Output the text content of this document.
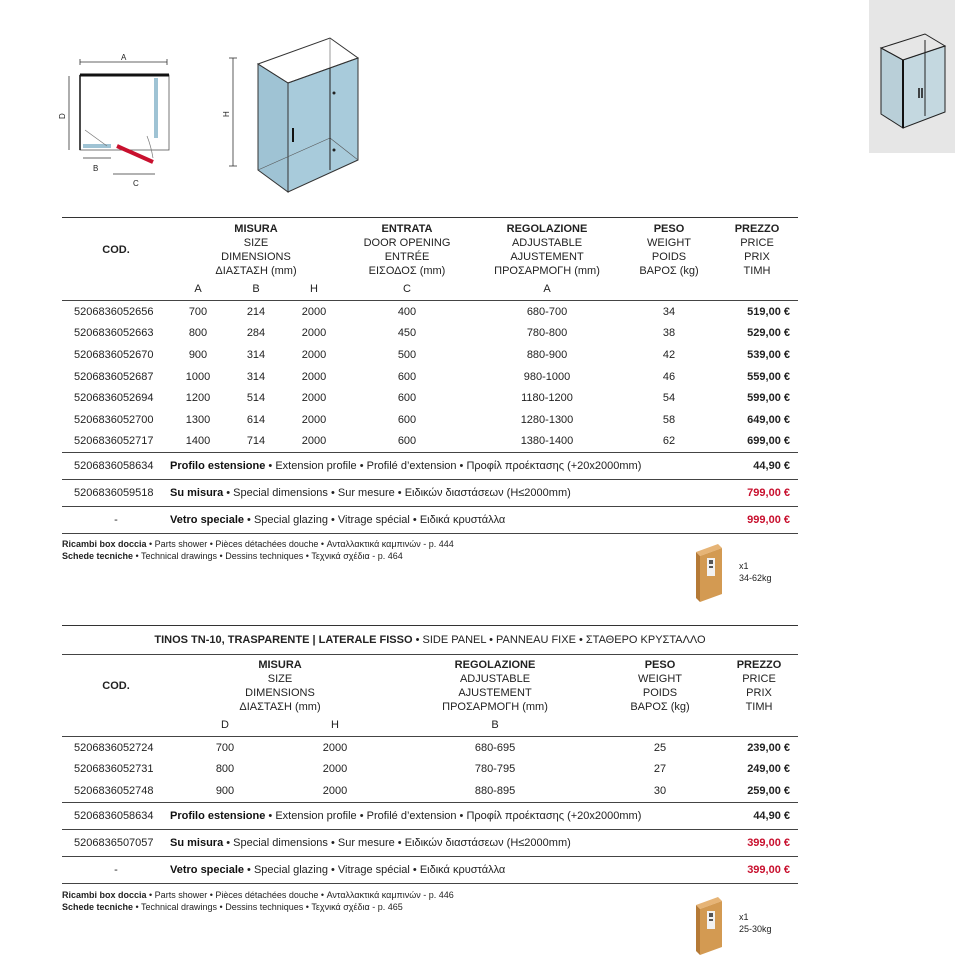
A
D
B
C
H
COD.	MISURA
SIZE
DIMENSIONS
ΔΙΑΣΤΑΣΗ (mm)			ENTRATA
DOOR OPENING
ENTRÉE
ΕΙΣΟΔΟΣ (mm)	REGOLAZIONE
ADJUSTABLE
AJUSTEMENT
ΠΡΟΣΑΡΜΟΓΗ (mm)	PESO
WEIGHT
POIDS
ΒΑΡΟΣ (kg)	PREZZO
PRICE
PRIX
ΤΙΜΗ

	A	B	H	C	A		
5206836052656	700	214	2000	400	680-700	34	519,00 €
5206836052663	800	284	2000	450	780-800	38	529,00 €
5206836052670	900	314	2000	500	880-900	42	539,00 €
5206836052687	1000	314	2000	600	980-1000	46	559,00 €
5206836052694	1200	514	2000	600	1180-1200	54	599,00 €
5206836052700	1300	614	2000	600	1280-1300	58	649,00 €
5206836052717	1400	714	2000	600	1380-1400	62	699,00 €
5206836058634	Profilo estensione • Extension profile • Profilé d’extension • Προφίλ προέκτασης (+20x2000mm)						44,90 €
5206836059518	Su misura • Special dimensions • Sur mesure • Ειδικών διαστάσεων (H≤2000mm)						799,00 €
-	Vetro speciale • Special glazing • Vitrage spécial • Ειδικά κρυστάλλα						999,00 €
Ricambi box doccia • Parts shower • Pièces détachées douche • Ανταλλακτικά καμπινών - p. 444
Schede tecniche • Technical drawings • Dessins techniques • Τεχνικά σχέδια - p. 464
x1
34-62kg
TINOS TN-10, TRASPARENTE | LATERALE FISSO • SIDE PANEL • PANNEAU FIXE • ΣΤΑΘΕΡΟ ΚΡΥΣΤΑΛΛΟ
COD.	MISURA
SIZE
DIMENSIONS
ΔΙΑΣΤΑΣΗ (mm)		REGOLAZIONE
ADJUSTABLE
AJUSTEMENT
ΠΡΟΣΑΡΜΟΓΗ (mm)	PESO
WEIGHT
POIDS
ΒΑΡΟΣ (kg)	PREZZO
PRICE
PRIX
ΤΙΜΗ

	D	H	B		
5206836052724	700	2000	680-695	25	239,00 €
5206836052731	800	2000	780-795	27	249,00 €
5206836052748	900	2000	880-895	30	259,00 €
5206836058634	Profilo estensione • Extension profile • Profilé d’extension • Προφίλ προέκτασης (+20x2000mm)				44,90 €
5206836507057	Su misura • Special dimensions • Sur mesure • Ειδικών διαστάσεων (H≤2000mm)				399,00 €
-	Vetro speciale • Special glazing • Vitrage spécial • Ειδικά κρυστάλλα				399,00 €
Ricambi box doccia • Parts shower • Pièces détachées douche • Ανταλλακτικά καμπινών - p. 446
Schede tecniche • Technical drawings • Dessins techniques • Τεχνικά σχέδια - p. 465
x1
25-30kg
